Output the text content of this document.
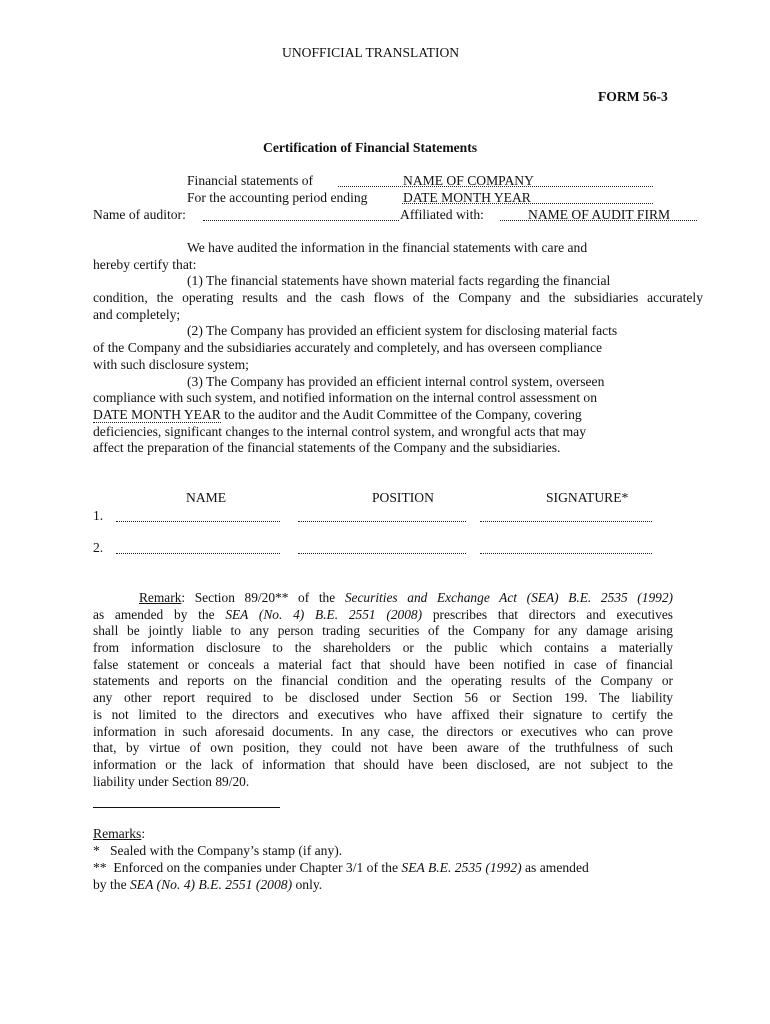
UNOFFICIAL TRANSLATION
FORM 56-3
Certification of Financial Statements
Financial statements of	NAME OF COMPANY
For the accounting period ending	DATE MONTH YEAR
Name of auditor:	Affiliated with:	NAME OF AUDIT FIRM
We have audited the information in the financial statements with care and
hereby certify that:
(1) The financial statements have shown material facts regarding the financial
condition, the operating results and the cash flows of the Company and the subsidiaries accurately
and completely;
(2) The Company has provided an efficient system for disclosing material facts
of the Company and the subsidiaries accurately and completely, and has overseen compliance
with such disclosure system;
(3) The Company has provided an efficient internal control system, overseen
compliance with such system, and notified information on the internal control assessment on
DATE MONTH YEAR to the auditor and the Audit Committee of the Company, covering
deficiencies, significant changes to the internal control system, and wrongful acts that may
affect the preparation of the financial statements of the Company and the subsidiaries.
NAME	POSITION	SIGNATURE*
1.
2.
Remark: Section 89/20** of the Securities and Exchange Act (SEA) B.E. 2535 (1992)
as amended by the SEA (No. 4) B.E. 2551 (2008) prescribes that directors and executives
shall be jointly liable to any person trading securities of the Company for any damage arising
from information disclosure to the shareholders or the public which contains a materially
false statement or conceals a material fact that should have been notified in case of financial
statements and reports on the financial condition and the operating results of the Company or
any other report required to be disclosed under Section 56 or Section 199. The liability
is not limited to the directors and executives who have affixed their signature to certify the
information in such aforesaid documents. In any case, the directors or executives who can prove
that, by virtue of own position, they could not have been aware of the truthfulness of such
information or the lack of information that should have been disclosed, are not subject to the
liability under Section 89/20.
Remarks:
*   Sealed with the Company’s stamp (if any).
**  Enforced on the companies under Chapter 3/1 of the SEA B.E. 2535 (1992) as amended
by the SEA (No. 4) B.E. 2551 (2008) only.
